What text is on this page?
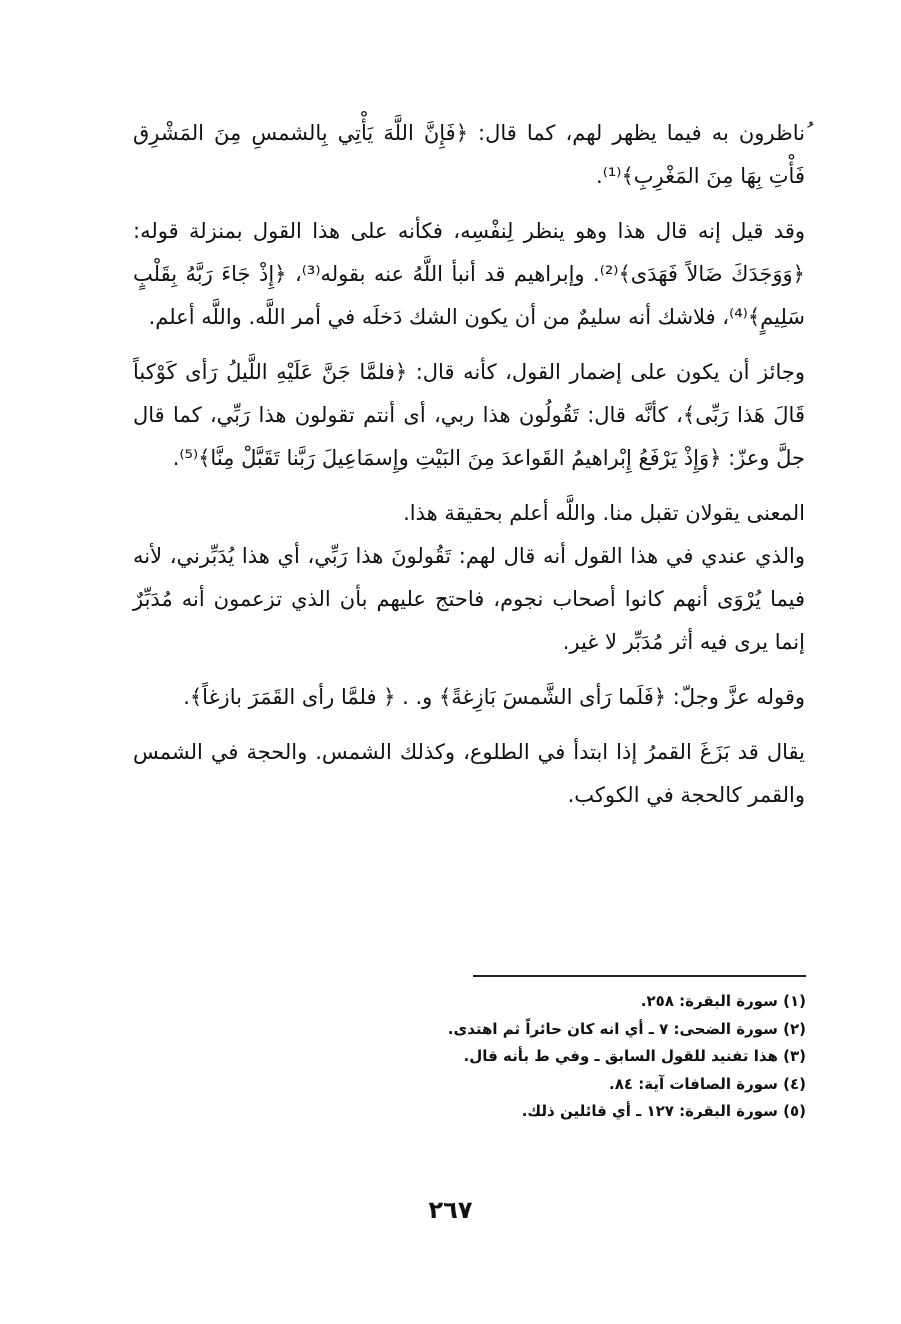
ُناظرون به فيما يظهر لهم، كما قال: ﴿فَإِنَّ اللَّهَ يَأْتِي بِالشمسِ مِنَ المَشْرِق فَأْتِ بِهَا مِنَ المَغْرِبِ﴾⁽¹⁾.

وقد قيل إنه قال هذا وهو ينظر لِنفْسِه، فكأنه على هذا القول بمنزلة قوله: ﴿وَوَجَدَكَ ضَالاً فَهَدَى﴾⁽²⁾. وإبراهيم قد أنبأ اللَّهُ عنه بقوله⁽³⁾، ﴿إِذْ جَاءَ رَبَّهُ بِقَلْبٍ سَلِيمٍ﴾⁽⁴⁾، فلاشك أنه سليمٌ من أن يكون الشك دَخلَه في أمر اللَّه. واللَّه أعلم.

وجائز أن يكون على إضمار القول، كأنه قال: ﴿فلمَّا جَنَّ عَلَيْهِ اللَّيلُ رَأى كَوْكباً قَالَ هَذا رَبِّى﴾، كأنَّه قال: تَقُولُون هذا ربي، أى أنتم تقولون هذا رَبِّي، كما قال جلَّ وعزّ: ﴿وَإِذْ يَرْفَعُ إِبْراهيمُ القَواعدَ مِنَ البَيْتِ وإِسمَاعِيلَ رَبَّنا تَقَبَّلْ مِنَّا﴾⁽⁵⁾.

المعنى يقولان تقبل منا. واللَّه أعلم بحقيقة هذا.

والذي عندي في هذا القول أنه قال لهم: تَقُولونَ هذا رَبِّي، أي هذا يُدَبِّرني، لأنه فيما يُرْوَى أنهم كانوا أصحاب نجوم، فاحتج عليهم بأن الذي تزعمون أنه مُدَبِّرٌ إنما يرى فيه أثر مُدَبِّر لا غير.

وقوله عزَّ وجلّ: ﴿فَلَما رَأى الشَّمسَ بَازِغةً﴾ و. . ﴿ فلمَّا رأى القَمَرَ بازغاً﴾.

يقال قد بَزَغَ القمرُ إذا ابتدأ في الطلوع، وكذلك الشمس. والحجة في الشمس والقمر كالحجة في الكوكب.

(١) سورة البقرة: ٢٥٨.

(٢) سورة الضحى: ٧ ـ أي انه كان حائراً ثم اهتدى.

(٣) هذا تفنيد للقول السابق ـ وفي ط بأنه قال.

(٤) سورة الصافات آية: ٨٤.

(٥) سورة البقرة: ١٢٧ ـ أي قائلين ذلك.

٢٦٧
